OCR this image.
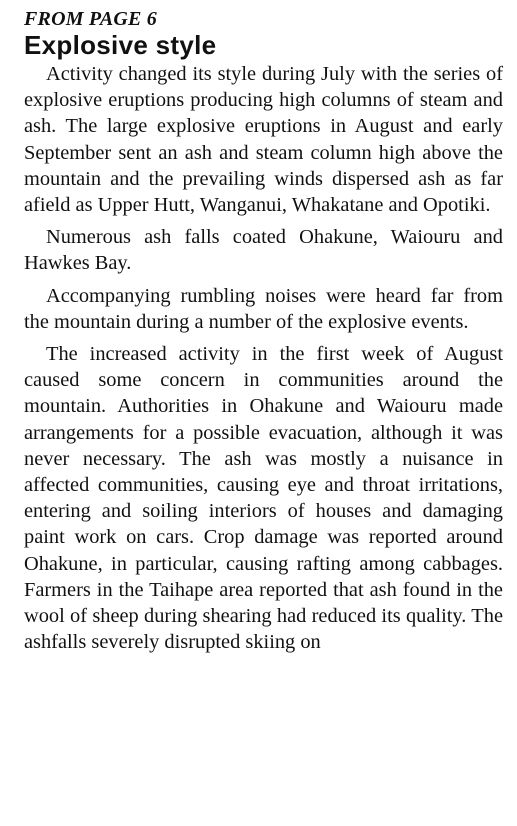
FROM PAGE 6
Explosive style

Activity changed its style during July with the series of explosive eruptions producing high columns of steam and ash. The large explosive eruptions in August and early September sent an ash and steam column high above the mountain and the prevailing winds dispersed ash as far afield as Upper Hutt, Wanganui, Whakatane and Opotiki.

Numerous ash falls coated Ohakune, Waiouru and Hawkes Bay.

Accompanying rumbling noises were heard far from the mountain during a number of the explosive events.

The increased activity in the first week of August caused some concern in communities around the mountain. Authorities in Ohakune and Waiouru made arrangements for a possible evacuation, although it was never necessary. The ash was mostly a nuisance in affected communities, causing eye and throat irritations, entering and soiling interiors of houses and damaging paint work on cars. Crop damage was reported around Ohakune, in particular, causing rafting among cabbages. Farmers in the Taihape area reported that ash found in the wool of sheep during shearing had reduced its quality. The ashfalls severely disrupted skiing on
